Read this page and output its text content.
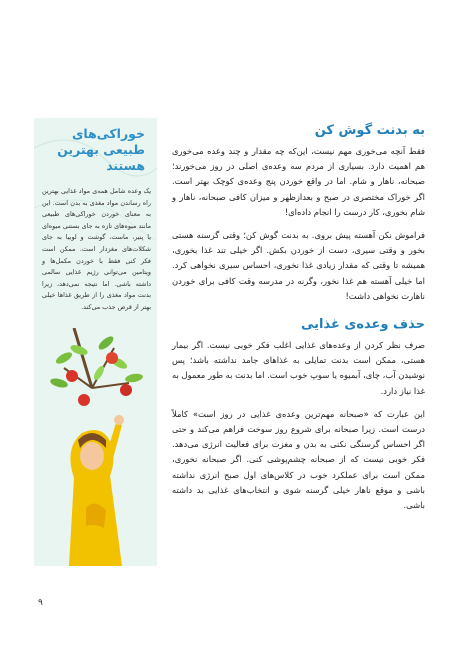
به بدنت گوش کن

فقط آنچه می‌خوری مهم نیست، این‌که چه مقدار و چند وعده می‌خوری هم اهمیت دارد. بسیاری از مردم سه وعده‌ی اصلی در روز می‌خورند؛ صبحانه، ناهار و شام. اما در واقع خوردن پنج وعده‌ی کوچک بهتر است. اگر خوراک مختصری در صبح و بعدازظهر و میزان کافی صبحانه، ناهار و شام بخوری، کار درست را انجام داده‌ای!

فراموش نکن آهسته پیش بروی. به بدنت گوش کن؛ وقتی گرسنه هستی بخور و وقتی سیری، دست از خوردن بکش. اگر خیلی تند غذا بخوری، همیشه تا وقتی که مقدار زیادی غذا نخوری، احساس سیری نخواهی کرد. اما خیلی آهسته هم غذا نخور، وگرنه در مدرسه وقت کافی برای خوردن ناهارت نخواهی داشت!

حذف وعده‌ی غذایی

صرف نظر کردن از وعده‌های غذایی اغلب فکر خوبی نیست. اگر بیمار هستی، ممکن است بدنت تمایلی به غذاهای جامد نداشته باشد؛ پس نوشیدن آب، چای، آبمیوه یا سوپ خوب است. اما بدنت به طور معمول به غذا نیاز دارد.

این عبارت که «صبحانه مهم‌ترین وعده‌ی غذایی در روز است» کاملاً درست است. زیرا صبحانه برای شروع روز سوخت فراهم می‌کند و حتی اگر احساس گرسنگی نکنی به بدن و مغزت برای فعالیت انرژی می‌دهد. فکر خوبی نیست که از صبحانه چشم‌پوشی کنی. اگر صبحانه نخوری، ممکن است برای عملکرد خوب در کلاس‌های اول صبح انرژی نداشته باشی و موقع ناهار خیلی گرسنه شوی و انتخاب‌های غذایی بد داشته باشی.

خوراکی‌های طبیعی بهترین هستند
یک وعده شامل همه‌ی مواد غذایی بهترین راه رساندن مواد مغذی به بدن است. این به معنای خوردن خوراکی‌های طبیعی مانند میوه‌های تازه به جای بستنی میوه‌ای یا پنیر، ماست، گوشت و لوبیا به جای شکلات‌های مغزدار است. ممکن است فکر کنی فقط با خوردن مکمل‌ها و ویتامین می‌توانی رژیم غذایی سالمی داشته باشی. اما نتیجه نمی‌دهد، زیرا بدنت مواد مغذی را از طریق غذاها خیلی بهتر از قرص جذب می‌کند.
۹
